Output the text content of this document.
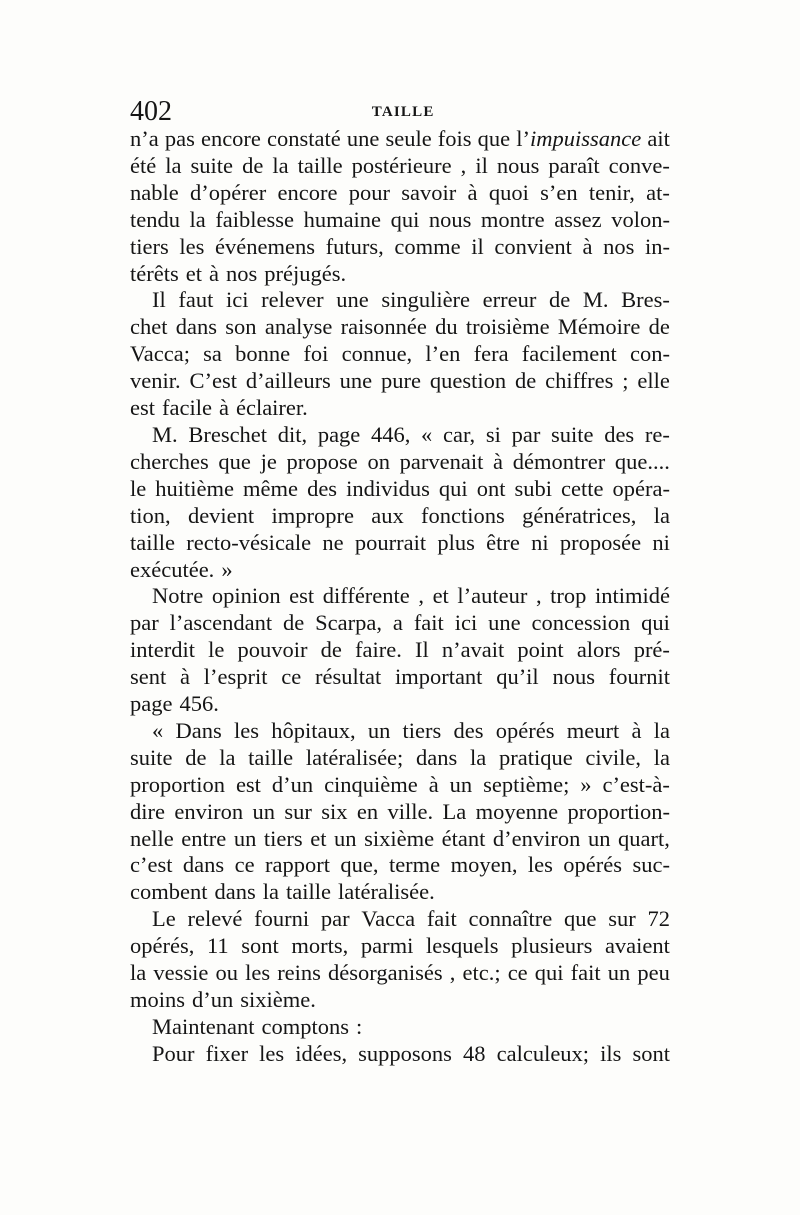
402	TAILLE
n’a pas encore constaté une seule fois que l’impuissance ait
été la suite de la taille postérieure , il nous paraît conve-
nable d’opérer encore pour savoir à quoi s’en tenir, at-
tendu la faiblesse humaine qui nous montre assez volon-
tiers les événemens futurs, comme il convient à nos in-
térêts et à nos préjugés.
Il faut ici relever une singulière erreur de M. Bres-
chet dans son analyse raisonnée du troisième Mémoire de
Vacca; sa bonne foi connue, l’en fera facilement con-
venir. C’est d’ailleurs une pure question de chiffres ; elle
est facile à éclairer.
M. Breschet dit, page 446, « car, si par suite des re-
cherches que je propose on parvenait à démontrer que....
le huitième même des individus qui ont subi cette opéra-
tion, devient impropre aux fonctions génératrices, la
taille recto-vésicale ne pourrait plus être ni proposée ni
exécutée. »
Notre opinion est différente , et l’auteur , trop intimidé
par l’ascendant de Scarpa, a fait ici une concession qui
interdit le pouvoir de faire. Il n’avait point alors pré-
sent à l’esprit ce résultat important qu’il nous fournit
page 456.
« Dans les hôpitaux, un tiers des opérés meurt à la
suite de la taille latéralisée; dans la pratique civile, la
proportion est d’un cinquième à un septième; » c’est-à-
dire environ un sur six en ville. La moyenne proportion-
nelle entre un tiers et un sixième étant d’environ un quart,
c’est dans ce rapport que, terme moyen, les opérés suc-
combent dans la taille latéralisée.
Le relevé fourni par Vacca fait connaître que sur 72
opérés, 11 sont morts, parmi lesquels plusieurs avaient
la vessie ou les reins désorganisés , etc.; ce qui fait un peu
moins d’un sixième.
Maintenant comptons :
Pour fixer les idées, supposons 48 calculeux; ils sont
